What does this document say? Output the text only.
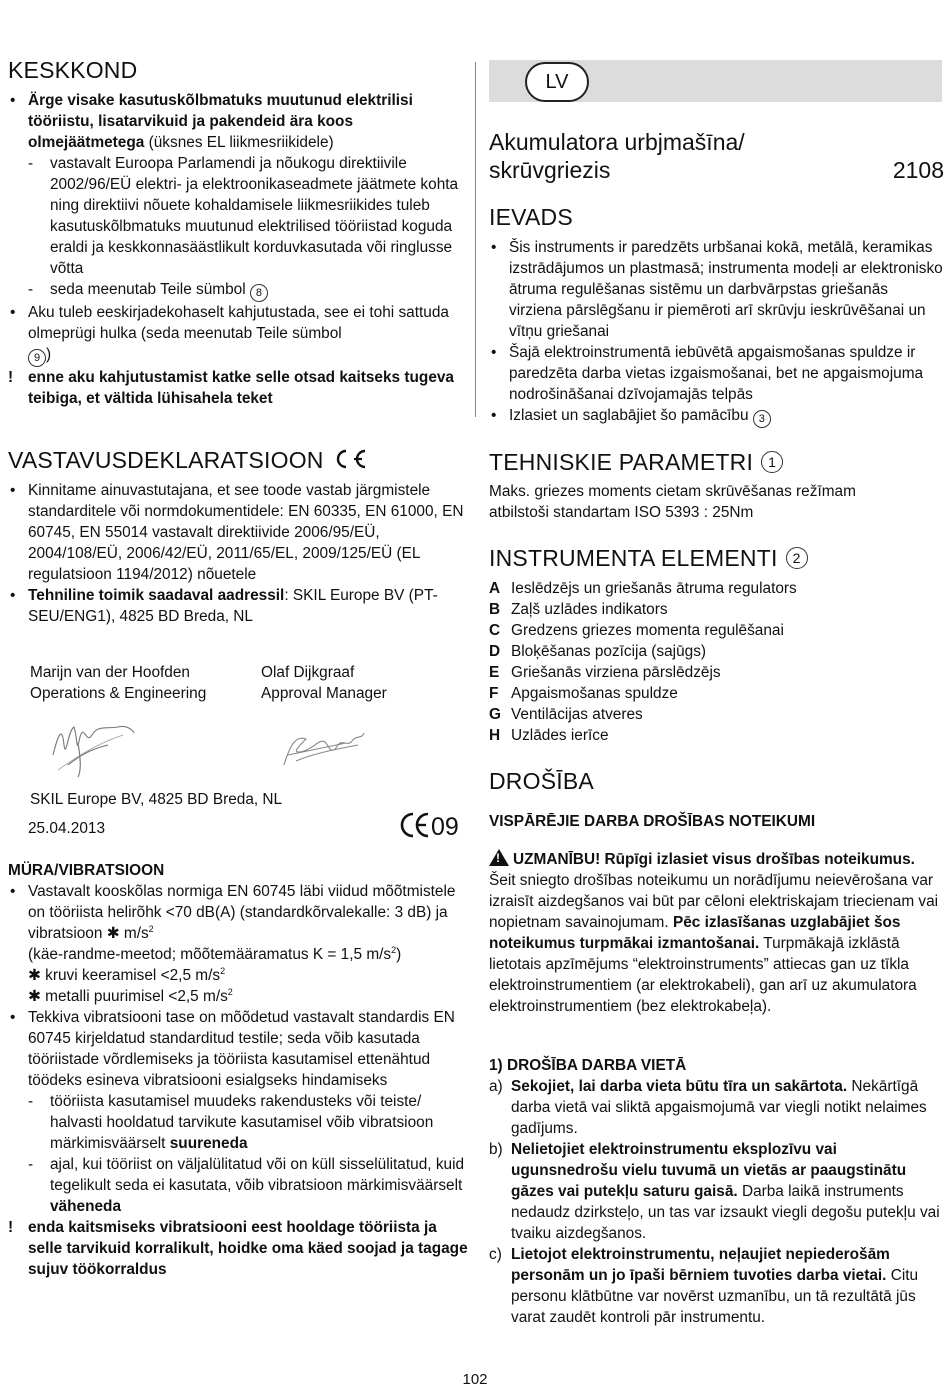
KESKKOND
• Ärge visake kasutuskõlbmatuks muutunud elektrilisi tööriistu, lisatarvikuid ja pakendeid ära koos olmejäätmetega (üksnes EL liikmesriikidele)
- vastavalt Euroopa Parlamendi ja nõukogu direktiivile 2002/96/EÜ elektri- ja elektroonikaseadmete jäätmete kohta ning direktiivi nõuete kohaldamisele liikmesriikides tuleb kasutuskõlbmatuks muutunud elektrilised tööriistad koguda eraldi ja keskkonnasäästlikult korduvkasutada või ringlusse võtta
- seda meenutab Teile sümbol 8
• Aku tuleb eeskirjadekohaselt kahjutustada, see ei tohi sattuda olmeprügi hulka (seda meenutab Teile sümbol
9 )
! enne aku kahjutustamist katke selle otsad kaitseks tugeva teibiga, et vältida lühisahela teket
VASTAVUSDEKLARATSIOON
• Kinnitame ainuvastutajana, et see toode vastab järgmistele standarditele või normdokumentidele: EN 60335, EN 61000, EN 60745, EN 55014 vastavalt direktiivide 2006/95/EÜ, 2004/108/EÜ, 2006/42/EÜ, 2011/65/EL, 2009/125/EÜ (EL regulatsioon 1194/2012) nõuetele
• Tehniline toimik saadaval aadressil: SKIL Europe BV (PT-SEU/ENG1), 4825 BD Breda, NL
Marijn van der Hoofden
Operations & Engineering
Olaf Dijkgraaf
Approval Manager
SKIL Europe BV, 4825 BD Breda, NL
25.04.2013	09
MÜRA/VIBRATSIOON
• Vastavalt kooskõlas normiga EN 60745 läbi viidud mõõtmistele on tööriista helirõhk <70 dB(A) (standardkõrvalekalle: 3 dB) ja vibratsioon ✱ $m/s^2$
(käe-randme-meetod; mõõtemääramatus K = 1,5 $m/s^2$)
✱ kruvi keeramisel <2,5 $m/s^2$
✱ metalli puurimisel <2,5 $m/s^2$
• Tekkiva vibratsiooni tase on mõõdetud vastavalt standardis EN 60745 kirjeldatud standarditud testile; seda võib kasutada tööriistade võrdlemiseks ja tööriista kasutamisel ettenähtud töödeks esineva vibratsiooni esialgseks hindamiseks
- tööriista kasutamisel muudeks rakendusteks või teiste/ halvasti hooldatud tarvikute kasutamisel võib vibratsioon märkimisväärselt suureneda
- ajal, kui tööriist on väljalülitatud või on küll sisselülitatud, kuid tegelikult seda ei kasutata, võib vibratsioon märkimisväärselt väheneda
! enda kaitsmiseks vibratsiooni eest hooldage tööriista ja selle tarvikuid korralikult, hoidke oma käed soojad ja tagage sujuv töökorraldus
LV
Akumulatora urbjmašīna/
skrūvgriezis	2108
IEVADS
• Šis instruments ir paredzēts urbšanai kokā, metālā, keramikas izstrādājumos un plastmasā; instrumenta modeļi ar elektronisko ātruma regulēšanas sistēmu un darbvārpstas griešanās virziena pārslēgšanu ir piemēroti arī skrūvju ieskrūvēšanai un vītņu griešanai
• Šajā elektroinstrumentā iebūvētā apgaismošanas spuldze ir paredzēta darba vietas izgaismošanai, bet ne apgaismojuma nodrošināšanai dzīvojamajās telpās
• Izlasiet un saglabājiet šo pamācību 3
TEHNISKIE PARAMETRI	1
Maks. griezes moments cietam skrūvēšanas režīmam atbilstoši standartam ISO 5393 : 25Nm
INSTRUMENTA ELEMENTI	2
A Ieslēdzējs un griešanās ātruma regulators
B Zaļš uzlādes indikators
C Gredzens griezes momenta regulēšanai
D Bloķēšanas pozīcija (sajūgs)
E Griešanās virziena pārslēdzējs
F Apgaismošanas spuldze
G Ventilācijas atveres
H Uzlādes ierīce
DROŠĪBA
VISPĀRĒJIE DARBA DROŠĪBAS NOTEIKUMI
! UZMANĪBU! Rūpīgi izlasiet visus drošības noteikumus. Šeit sniegto drošības noteikumu un norādījumu neievērošana var izraisīt aizdegšanos vai būt par cēloni elektriskajam triecienam vai nopietnam savainojumam. Pēc izlasīšanas uzglabājiet šos noteikumus turpmākai izmantošanai. Turpmākajā izklāstā lietotais apzīmējums “elektroinstruments” attiecas gan uz tīkla elektroinstrumentiem (ar elektrokabeli), gan arī uz akumulatora elektroinstrumentiem (bez elektrokabeļa).
1) DROŠĪBA DARBA VIETĀ
a) Sekojiet, lai darba vieta būtu tīra un sakārtota. Nekārtīgā darba vietā vai sliktā apgaismojumā var viegli notikt nelaimes gadījums.
b) Nelietojiet elektroinstrumentu eksplozīvu vai ugunsnedrošu vielu tuvumā un vietās ar paaugstinātu gāzes vai putekļu saturu gaisā. Darba laikā instruments nedaudz dzirksteļo, un tas var izsaukt viegli degošu putekļu vai tvaiku aizdegšanos.
c) Lietojot elektroinstrumentu, neļaujiet nepiederošām personām un jo īpaši bērniem tuvoties darba vietai. Citu personu klātbūtne var novērst uzmanību, un tā rezultātā jūs varat zaudēt kontroli pār instrumentu.
102
